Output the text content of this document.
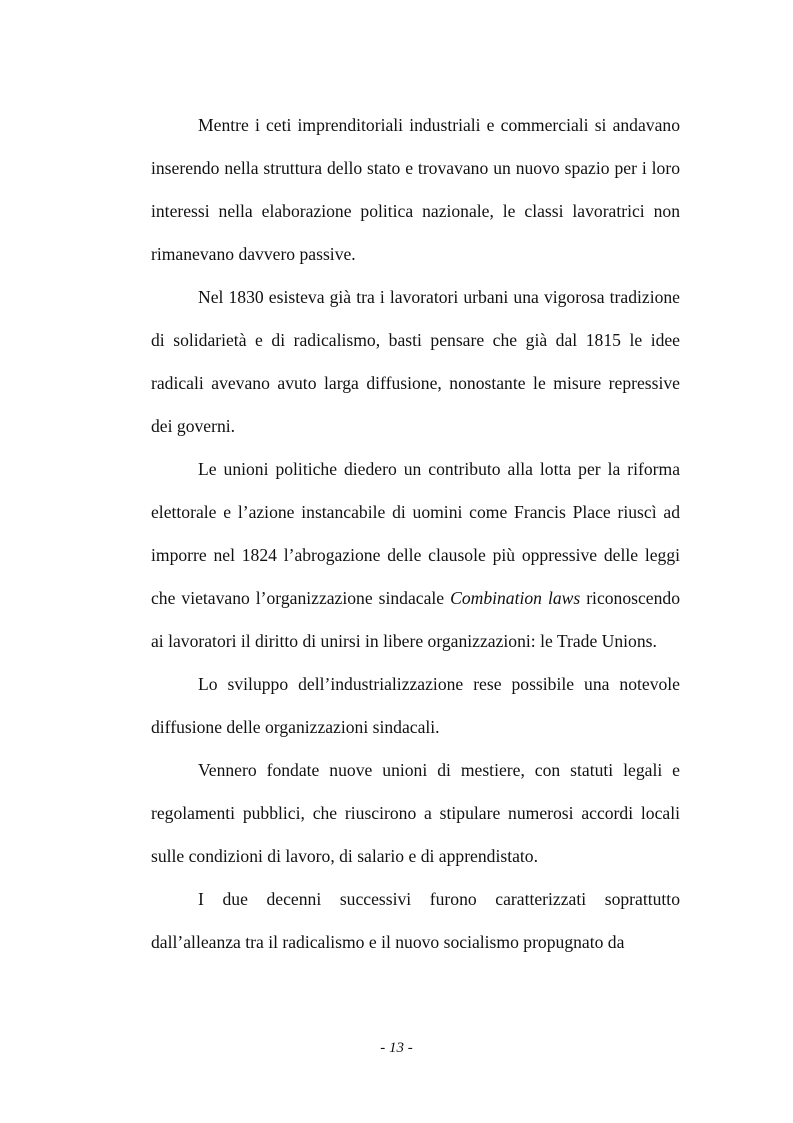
Mentre i ceti imprenditoriali industriali e commerciali si andavano inserendo nella struttura dello stato e trovavano un nuovo spazio per i loro interessi nella elaborazione politica nazionale, le classi lavoratrici non rimanevano davvero passive.

Nel 1830 esisteva già tra i lavoratori urbani una vigorosa tradizione di solidarietà e di radicalismo, basti pensare che già dal 1815 le idee radicali avevano avuto larga diffusione, nonostante le misure repressive dei governi.

Le unioni politiche diedero un contributo alla lotta per la riforma elettorale e l’azione instancabile di uomini come Francis Place riuscì ad imporre nel 1824 l’abrogazione delle clausole più oppressive delle leggi che vietavano l’organizzazione sindacale Combination laws riconoscendo ai lavoratori il diritto di unirsi in libere organizzazioni: le Trade Unions.

Lo sviluppo dell’industrializzazione rese possibile una notevole diffusione delle organizzazioni sindacali.

Vennero fondate nuove unioni di mestiere, con statuti legali e regolamenti pubblici, che riuscirono a stipulare numerosi accordi locali sulle condizioni di lavoro, di salario e di apprendistato.

I due decenni successivi furono caratterizzati soprattutto dall’alleanza tra il radicalismo e il nuovo socialismo propugnato da

- 13 -
